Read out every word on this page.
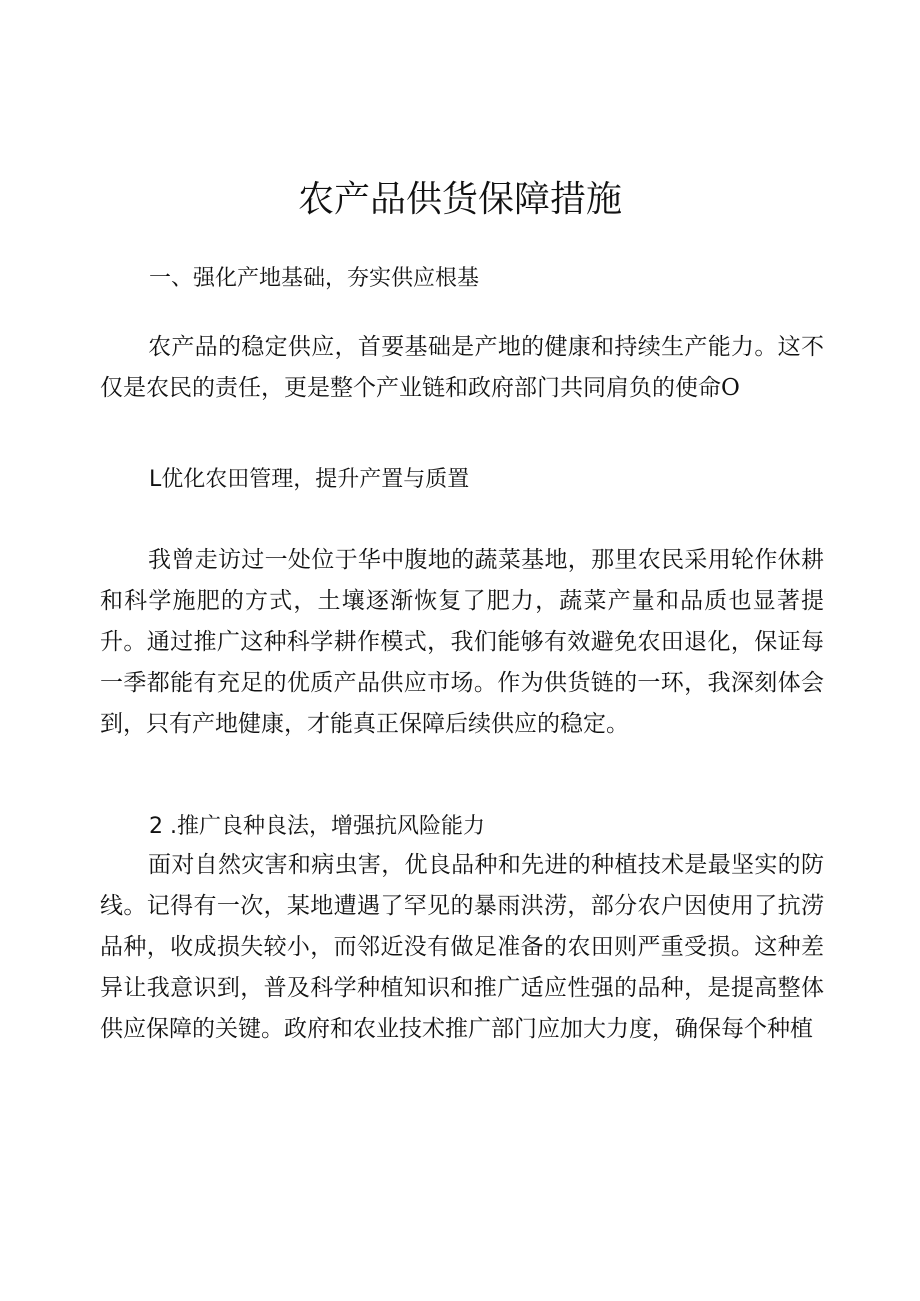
农产品供货保障措施
一、强化产地基础，夯实供应根基

农产品的稳定供应，首要基础是产地的健康和持续生产能力。这不仅是农民的责任，更是整个产业链和政府部门共同肩负的使命O

L优化农田管理，提升产置与质置

我曾走访过一处位于华中腹地的蔬菜基地，那里农民采用轮作休耕和科学施肥的方式，土壤逐渐恢复了肥力，蔬菜产量和品质也显著提升。通过推广这种科学耕作模式，我们能够有效避免农田退化，保证每一季都能有充足的优质产品供应市场。作为供货链的一环，我深刻体会到，只有产地健康，才能真正保障后续供应的稳定。

2 .推广良种良法，增强抗风险能力

面对自然灾害和病虫害，优良品种和先进的种植技术是最坚实的防线。记得有一次，某地遭遇了罕见的暴雨洪涝，部分农户因使用了抗涝品种，收成损失较小，而邻近没有做足准备的农田则严重受损。这种差异让我意识到，普及科学种植知识和推广适应性强的品种，是提高整体供应保障的关键。政府和农业技术推广部门应加大力度，确保每个种植
